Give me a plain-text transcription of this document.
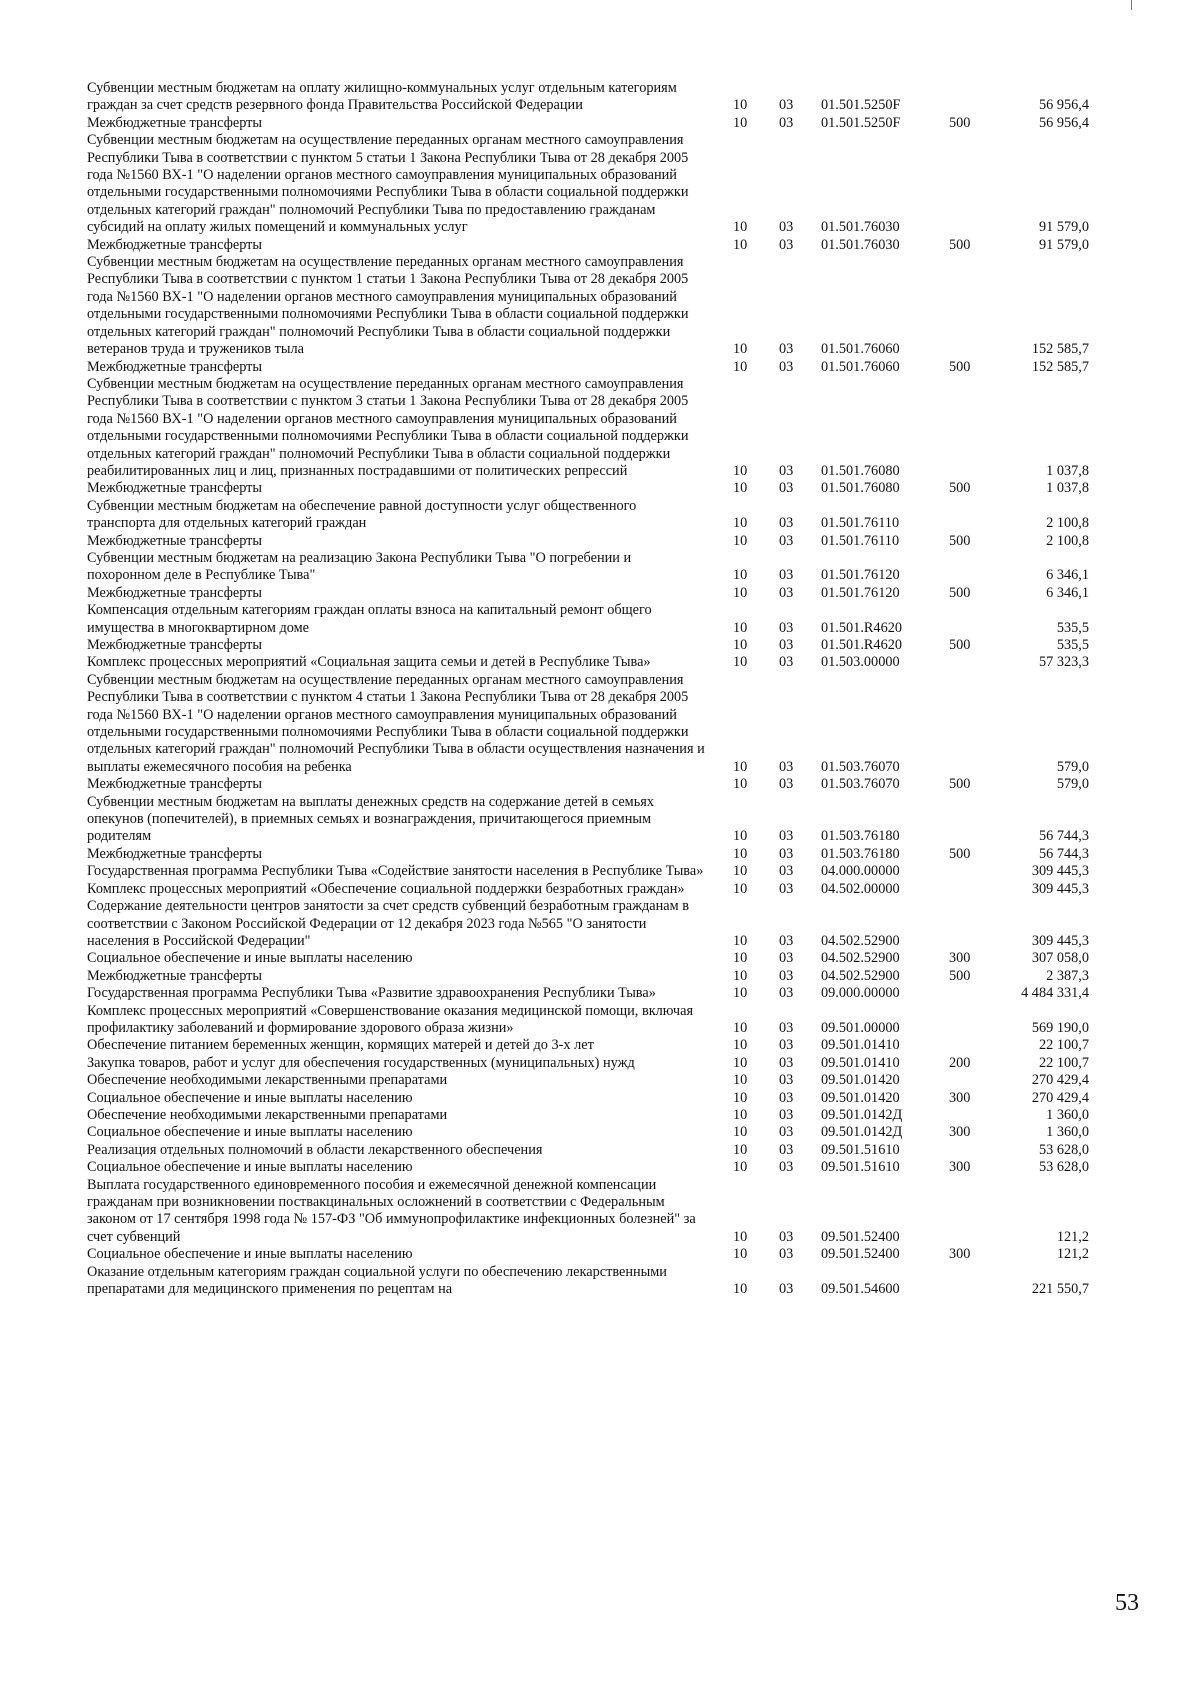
Субвенции местным бюджетам на оплату жилищно-коммунальных услуг отдельным категориям граждан за счет средств резервного фонда Правительства Российской Федерации	10 03 01.501.5250F	56 956,4
Межбюджетные трансферты	10 03 01.501.5250F	500	56 956,4
Субвенции местным бюджетам на осуществление переданных органам местного самоуправления Республики Тыва в соответствии с пунктом 5 статьи 1 Закона Республики Тыва от 28 декабря 2005 года №1560 ВХ-1 "О наделении органов местного самоуправления муниципальных образований отдельными государственными полномочиями Республики Тыва в области социальной поддержки отдельных категорий граждан" полномочий Республики Тыва по предоставлению гражданам субсидий на оплату жилых помещений и коммунальных услуг	10 03 01.501.76030	91 579,0
Межбюджетные трансферты	10 03 01.501.76030	500	91 579,0
Субвенции местным бюджетам на осуществление переданных органам местного самоуправления Республики Тыва в соответствии с пунктом 1 статьи 1 Закона Республики Тыва от 28 декабря 2005 года №1560 ВХ-1 "О наделении органов местного самоуправления муниципальных образований отдельными государственными полномочиями Республики Тыва в области социальной поддержки отдельных категорий граждан" полномочий Республики Тыва в области социальной поддержки ветеранов труда и тружеников тыла	10 03 01.501.76060	152 585,7
Межбюджетные трансферты	10 03 01.501.76060	500	152 585,7
Субвенции местным бюджетам на осуществление переданных органам местного самоуправления Республики Тыва в соответствии с пунктом 3 статьи 1 Закона Республики Тыва от 28 декабря 2005 года №1560 ВХ-1 "О наделении органов местного самоуправления муниципальных образований отдельными государственными полномочиями Республики Тыва в области социальной поддержки отдельных категорий граждан" полномочий Республики Тыва в области социальной поддержки реабилитированных лиц и лиц, признанных пострадавшими от политических репрессий	10 03 01.501.76080	1 037,8
Межбюджетные трансферты	10 03 01.501.76080	500	1 037,8
Субвенции местным бюджетам на обеспечение равной доступности услуг общественного транспорта для отдельных категорий граждан	10 03 01.501.76110	2 100,8
Межбюджетные трансферты	10 03 01.501.76110	500	2 100,8
Субвенции местным бюджетам на реализацию Закона Республики Тыва "О погребении и похоронном деле в Республике Тыва"	10 03 01.501.76120	6 346,1
Межбюджетные трансферты	10 03 01.501.76120	500	6 346,1
Компенсация отдельным категориям граждан оплаты взноса на капитальный ремонт общего имущества в многоквартирном доме	10 03 01.501.R4620	535,5
Межбюджетные трансферты	10 03 01.501.R4620	500	535,5
Комплекс процессных мероприятий «Социальная защита семьи и детей в Республике Тыва»	10 03 01.503.00000	57 323,3
Субвенции местным бюджетам на осуществление переданных органам местного самоуправления Республики Тыва в соответствии с пунктом 4 статьи 1 Закона Республики Тыва от 28 декабря 2005 года №1560 ВХ-1 "О наделении органов местного самоуправления муниципальных образований отдельными государственными полномочиями Республики Тыва в области социальной поддержки отдельных категорий граждан" полномочий Республики Тыва в области осуществления назначения и выплаты ежемесячного пособия на ребенка	10 03 01.503.76070	579,0
Межбюджетные трансферты	10 03 01.503.76070	500	579,0
Субвенции местным бюджетам на выплаты денежных средств на содержание детей в семьях опекунов (попечителей), в приемных семьях и вознаграждения, причитающегося приемным родителям	10 03 01.503.76180	56 744,3
Межбюджетные трансферты	10 03 01.503.76180	500	56 744,3
Государственная программа Республики Тыва «Содействие занятости населения в Республике Тыва» 10 03 04.000.00000	309 445,3
Комплекс процессных мероприятий «Обеспечение социальной поддержки безработных граждан»	10 03 04.502.00000	309 445,3
Содержание деятельности центров занятости за счет средств субвенций безработным гражданам в соответствии с Законом Российской Федерации от 12 декабря 2023 года №565 "О занятости населения в Российской Федерации"	10 03 04.502.52900	309 445,3
Социальное обеспечение и иные выплаты населению	10 03 04.502.52900	300	307 058,0
Межбюджетные трансферты	10 03 04.502.52900	500	2 387,3
Государственная программа Республики Тыва «Развитие здравоохранения Республики Тыва»	10 03 09.000.00000	4 484 331,4
Комплекс процессных мероприятий «Совершенствование оказания медицинской помощи, включая профилактику заболеваний и формирование здорового образа жизни»	10 03 09.501.00000	569 190,0
Обеспечение питанием беременных женщин, кормящих матерей и детей до 3-х лет	10 03 09.501.01410	22 100,7
Закупка товаров, работ и услуг для обеспечения государственных (муниципальных) нужд	10 03 09.501.01410	200	22 100,7
Обеспечение необходимыми лекарственными препаратами	10 03 09.501.01420	270 429,4
Социальное обеспечение и иные выплаты населению	10 03 09.501.01420	300	270 429,4
Обеспечение необходимыми лекарственными препаратами	10 03 09.501.0142Д	1 360,0
Социальное обеспечение и иные выплаты населению	10 03 09.501.0142Д	300	1 360,0
Реализация отдельных полномочий в области лекарственного обеспечения	10 03 09.501.51610	53 628,0
Социальное обеспечение и иные выплаты населению	10 03 09.501.51610	300	53 628,0
Выплата государственного единовременного пособия и ежемесячной денежной компенсации гражданам при возникновении поствакцинальных осложнений в соответствии с Федеральным законом от 17 сентября 1998 года № 157-ФЗ "Об иммунопрофилактике инфекционных болезней" за счет субвенций	10 03 09.501.52400	121,2
Социальное обеспечение и иные выплаты населению	10 03 09.501.52400	300	121,2
Оказание отдельным категориям граждан социальной услуги по обеспечению лекарственными препаратами для медицинского применения по рецептам на	10 03 09.501.54600	221 550,7
53
